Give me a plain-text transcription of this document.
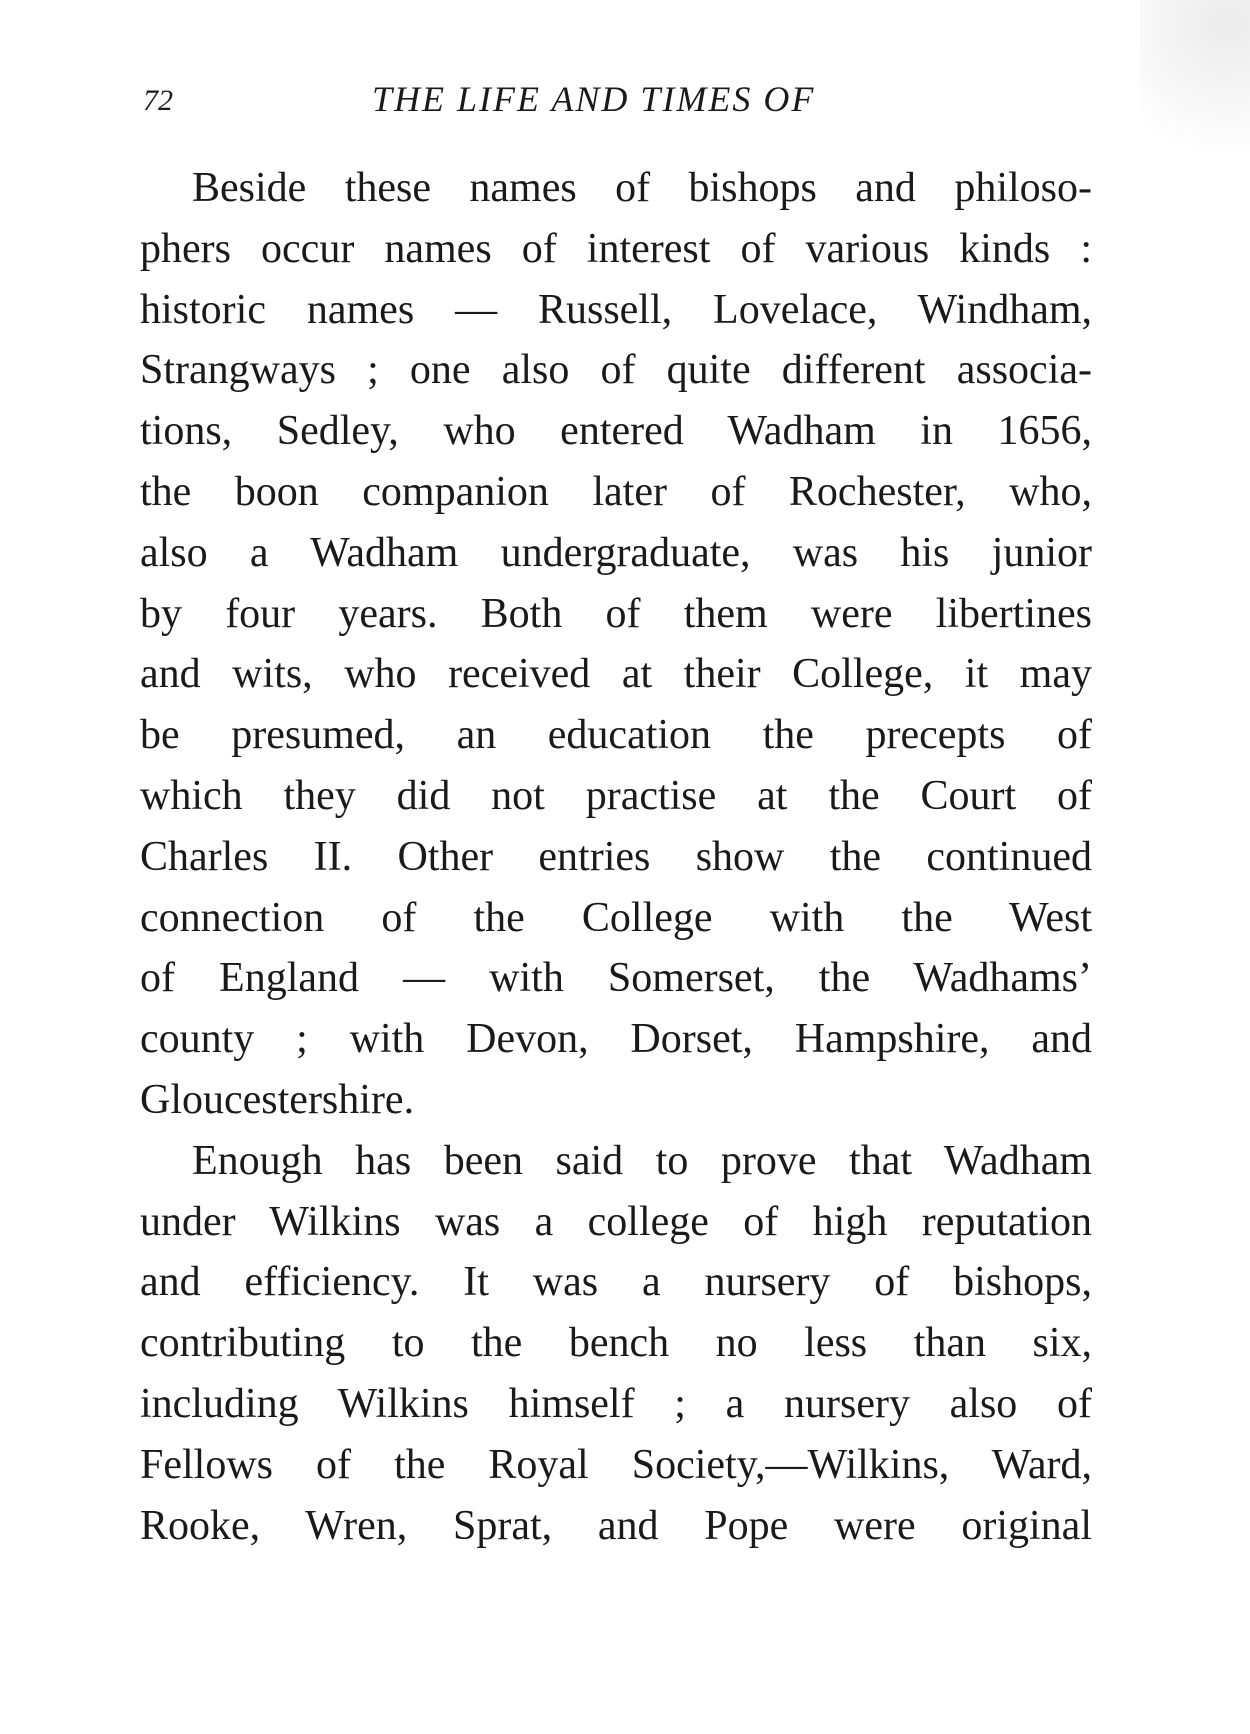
72	THE LIFE AND TIMES OF

Beside these names of bishops and philoso-
phers occur names of interest of various kinds :
historic names — Russell, Lovelace, Windham,
Strangways ; one also of quite different associa-
tions, Sedley, who entered Wadham in 1656,
the boon companion later of Rochester, who,
also a Wadham undergraduate, was his junior
by four years. Both of them were libertines
and wits, who received at their College, it may
be presumed, an education the precepts of
which they did not practise at the Court of
Charles II. Other entries show the continued
connection of the College with the West
of England — with Somerset, the Wadhams’
county ; with Devon, Dorset, Hampshire, and
Gloucestershire.

Enough has been said to prove that Wadham
under Wilkins was a college of high reputation
and efficiency. It was a nursery of bishops,
contributing to the bench no less than six,
including Wilkins himself ; a nursery also of
Fellows of the Royal Society,—Wilkins, Ward,
Rooke, Wren, Sprat, and Pope were original
